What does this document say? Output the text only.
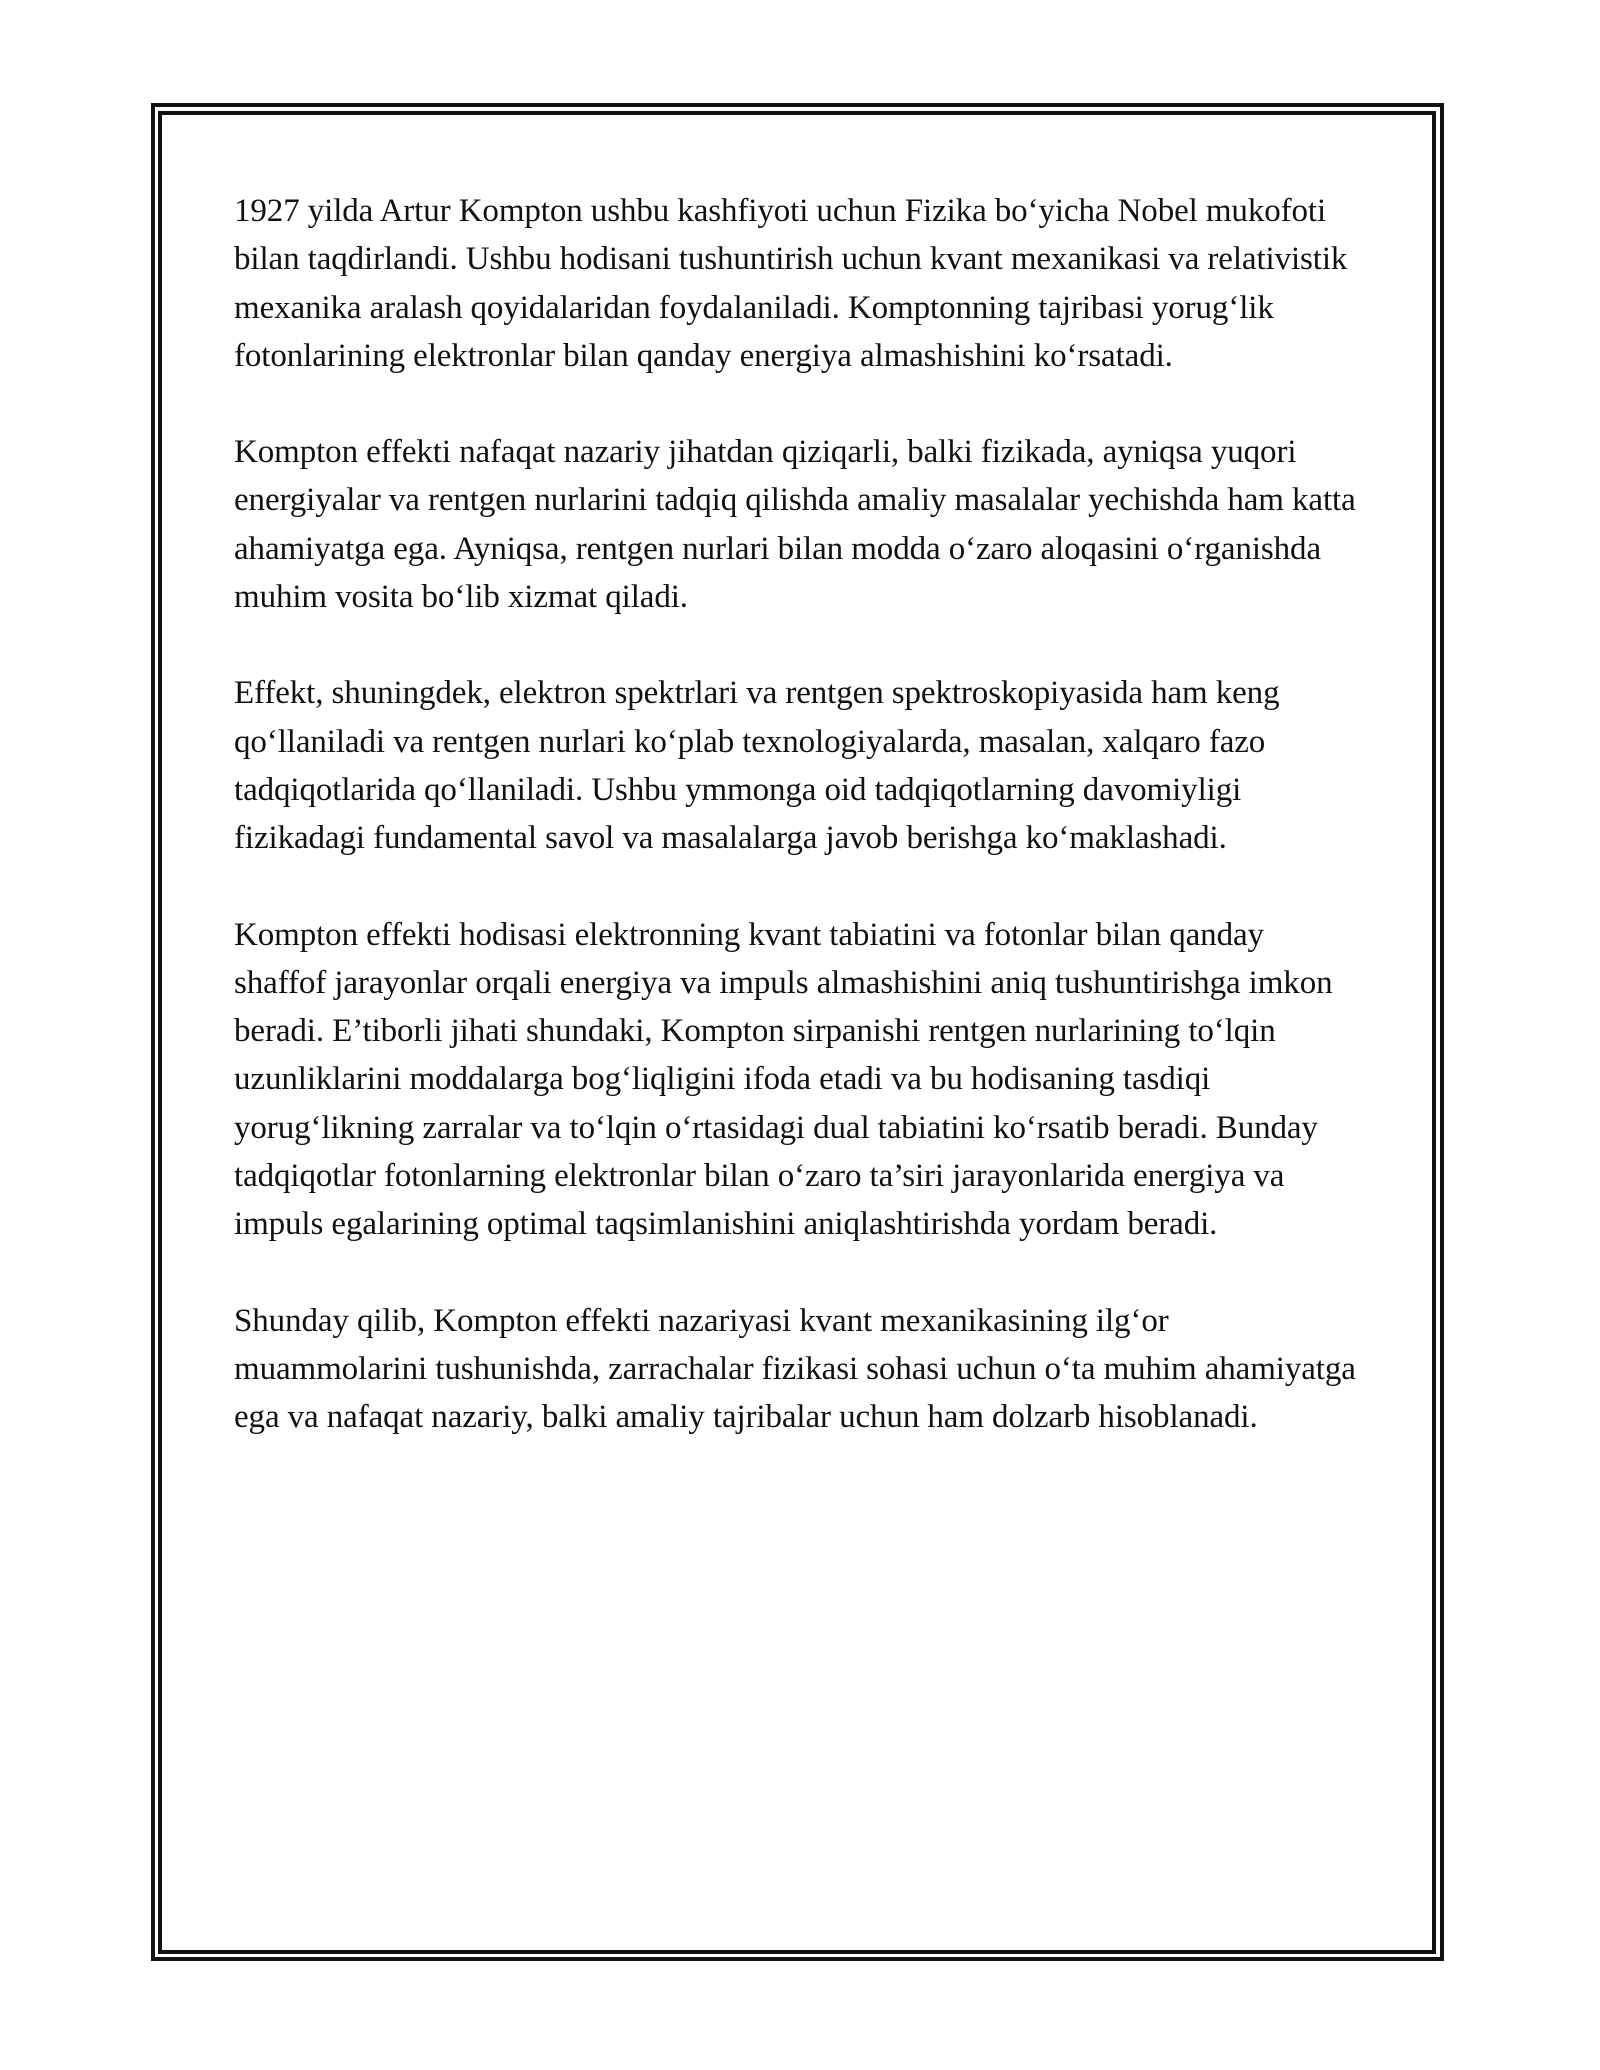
1927 yilda Artur Kompton ushbu kashfiyoti uchun Fizika bo‘yicha Nobel mukofoti bilan taqdirlandi. Ushbu hodisani tushuntirish uchun kvant mexanikasi va relativistik mexanika aralash qoyidalaridan foydalaniladi. Komptonning tajribasi yorug‘lik fotonlarining elektronlar bilan qanday energiya almashishini ko‘rsatadi.

Kompton effekti nafaqat nazariy jihatdan qiziqarli, balki fizikada, ayniqsa yuqori energiyalar va rentgen nurlarini tadqiq qilishda amaliy masalalar yechishda ham katta ahamiyatga ega. Ayniqsa, rentgen nurlari bilan modda o‘zaro aloqasini o‘rganishda muhim vosita bo‘lib xizmat qiladi.

Effekt, shuningdek, elektron spektrlari va rentgen spektroskopiyasida ham keng qo‘llaniladi va rentgen nurlari ko‘plab texnologiyalarda, masalan, xalqaro fazo tadqiqotlarida qo‘llaniladi. Ushbu ymmonga oid tadqiqotlarning davomiyligi fizikadagi fundamental savol va masalalarga javob berishga ko‘maklashadi.

Kompton effekti hodisasi elektronning kvant tabiatini va fotonlar bilan qanday shaffof jarayonlar orqali energiya va impuls almashishini aniq tushuntirishga imkon beradi. E’tiborli jihati shundaki, Kompton sirpanishi rentgen nurlarining to‘lqin uzunliklarini moddalarga bog‘liqligini ifoda etadi va bu hodisaning tasdiqi yorug‘likning zarralar va to‘lqin o‘rtasidagi dual tabiatini ko‘rsatib beradi. Bunday tadqiqotlar fotonlarning elektronlar bilan o‘zaro ta’siri jarayonlarida energiya va impuls egalarining optimal taqsimlanishini aniqlashtirishda yordam beradi.

Shunday qilib, Kompton effekti nazariyasi kvant mexanikasining ilg‘or muammolarini tushunishda, zarrachalar fizikasi sohasi uchun o‘ta muhim ahamiyatga ega va nafaqat nazariy, balki amaliy tajribalar uchun ham dolzarb hisoblanadi.
